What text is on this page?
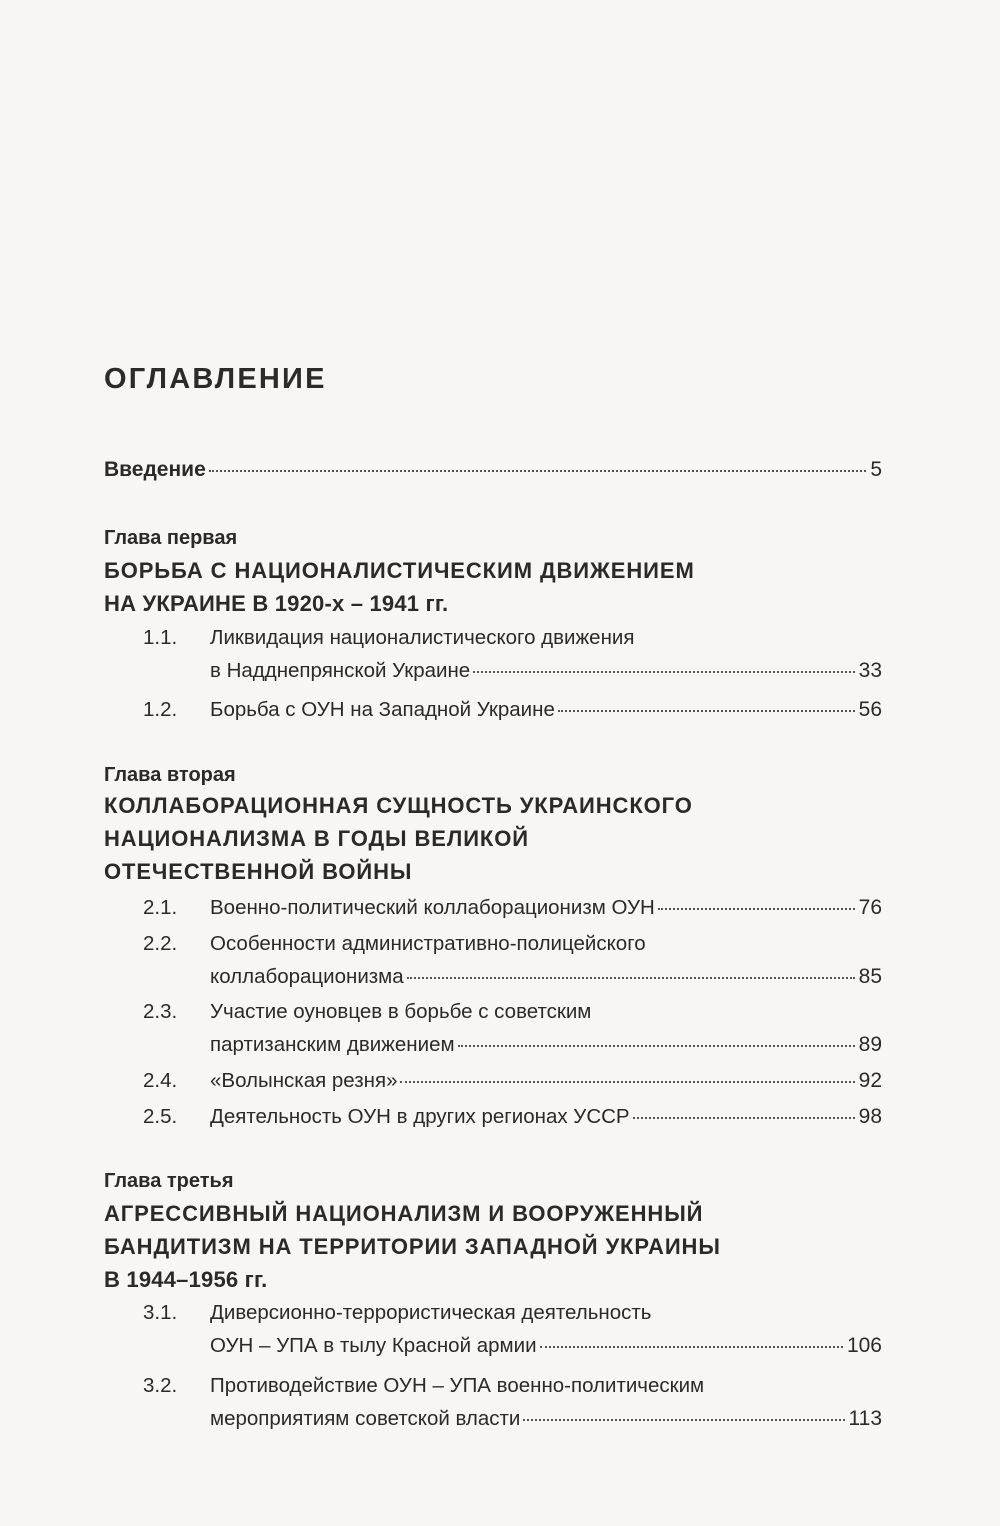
ОГЛАВЛЕНИЕ
Введение	5
Глава первая
БОРЬБА С НАЦИОНАЛИСТИЧЕСКИМ ДВИЖЕНИЕМ
НА УКРАИНЕ В 1920-х – 1941 гг.
1.1.	Ликвидация националистического движения
в Надднепрянской Украине	33
1.2.	Борьба с ОУН на Западной Украине	56
Глава вторая
КОЛЛАБОРАЦИОННАЯ СУЩНОСТЬ УКРАИНСКОГО
НАЦИОНАЛИЗМА В ГОДЫ ВЕЛИКОЙ
ОТЕЧЕСТВЕННОЙ ВОЙНЫ
2.1.	Военно-политический коллаборационизм ОУН	76
2.2.	Особенности административно-полицейского
коллаборационизма	85
2.3.	Участие оуновцев в борьбе с советским
партизанским движением	89
2.4.	«Волынская резня»	92
2.5.	Деятельность ОУН в других регионах УССР	98
Глава третья
АГРЕССИВНЫЙ НАЦИОНАЛИЗМ И ВООРУЖЕННЫЙ
БАНДИТИЗМ НА ТЕРРИТОРИИ ЗАПАДНОЙ УКРАИНЫ
В 1944–1956 гг.
3.1.	Диверсионно-террористическая деятельность
ОУН – УПА в тылу Красной армии	106
3.2.	Противодействие ОУН – УПА военно-политическим
мероприятиям советской власти	113
